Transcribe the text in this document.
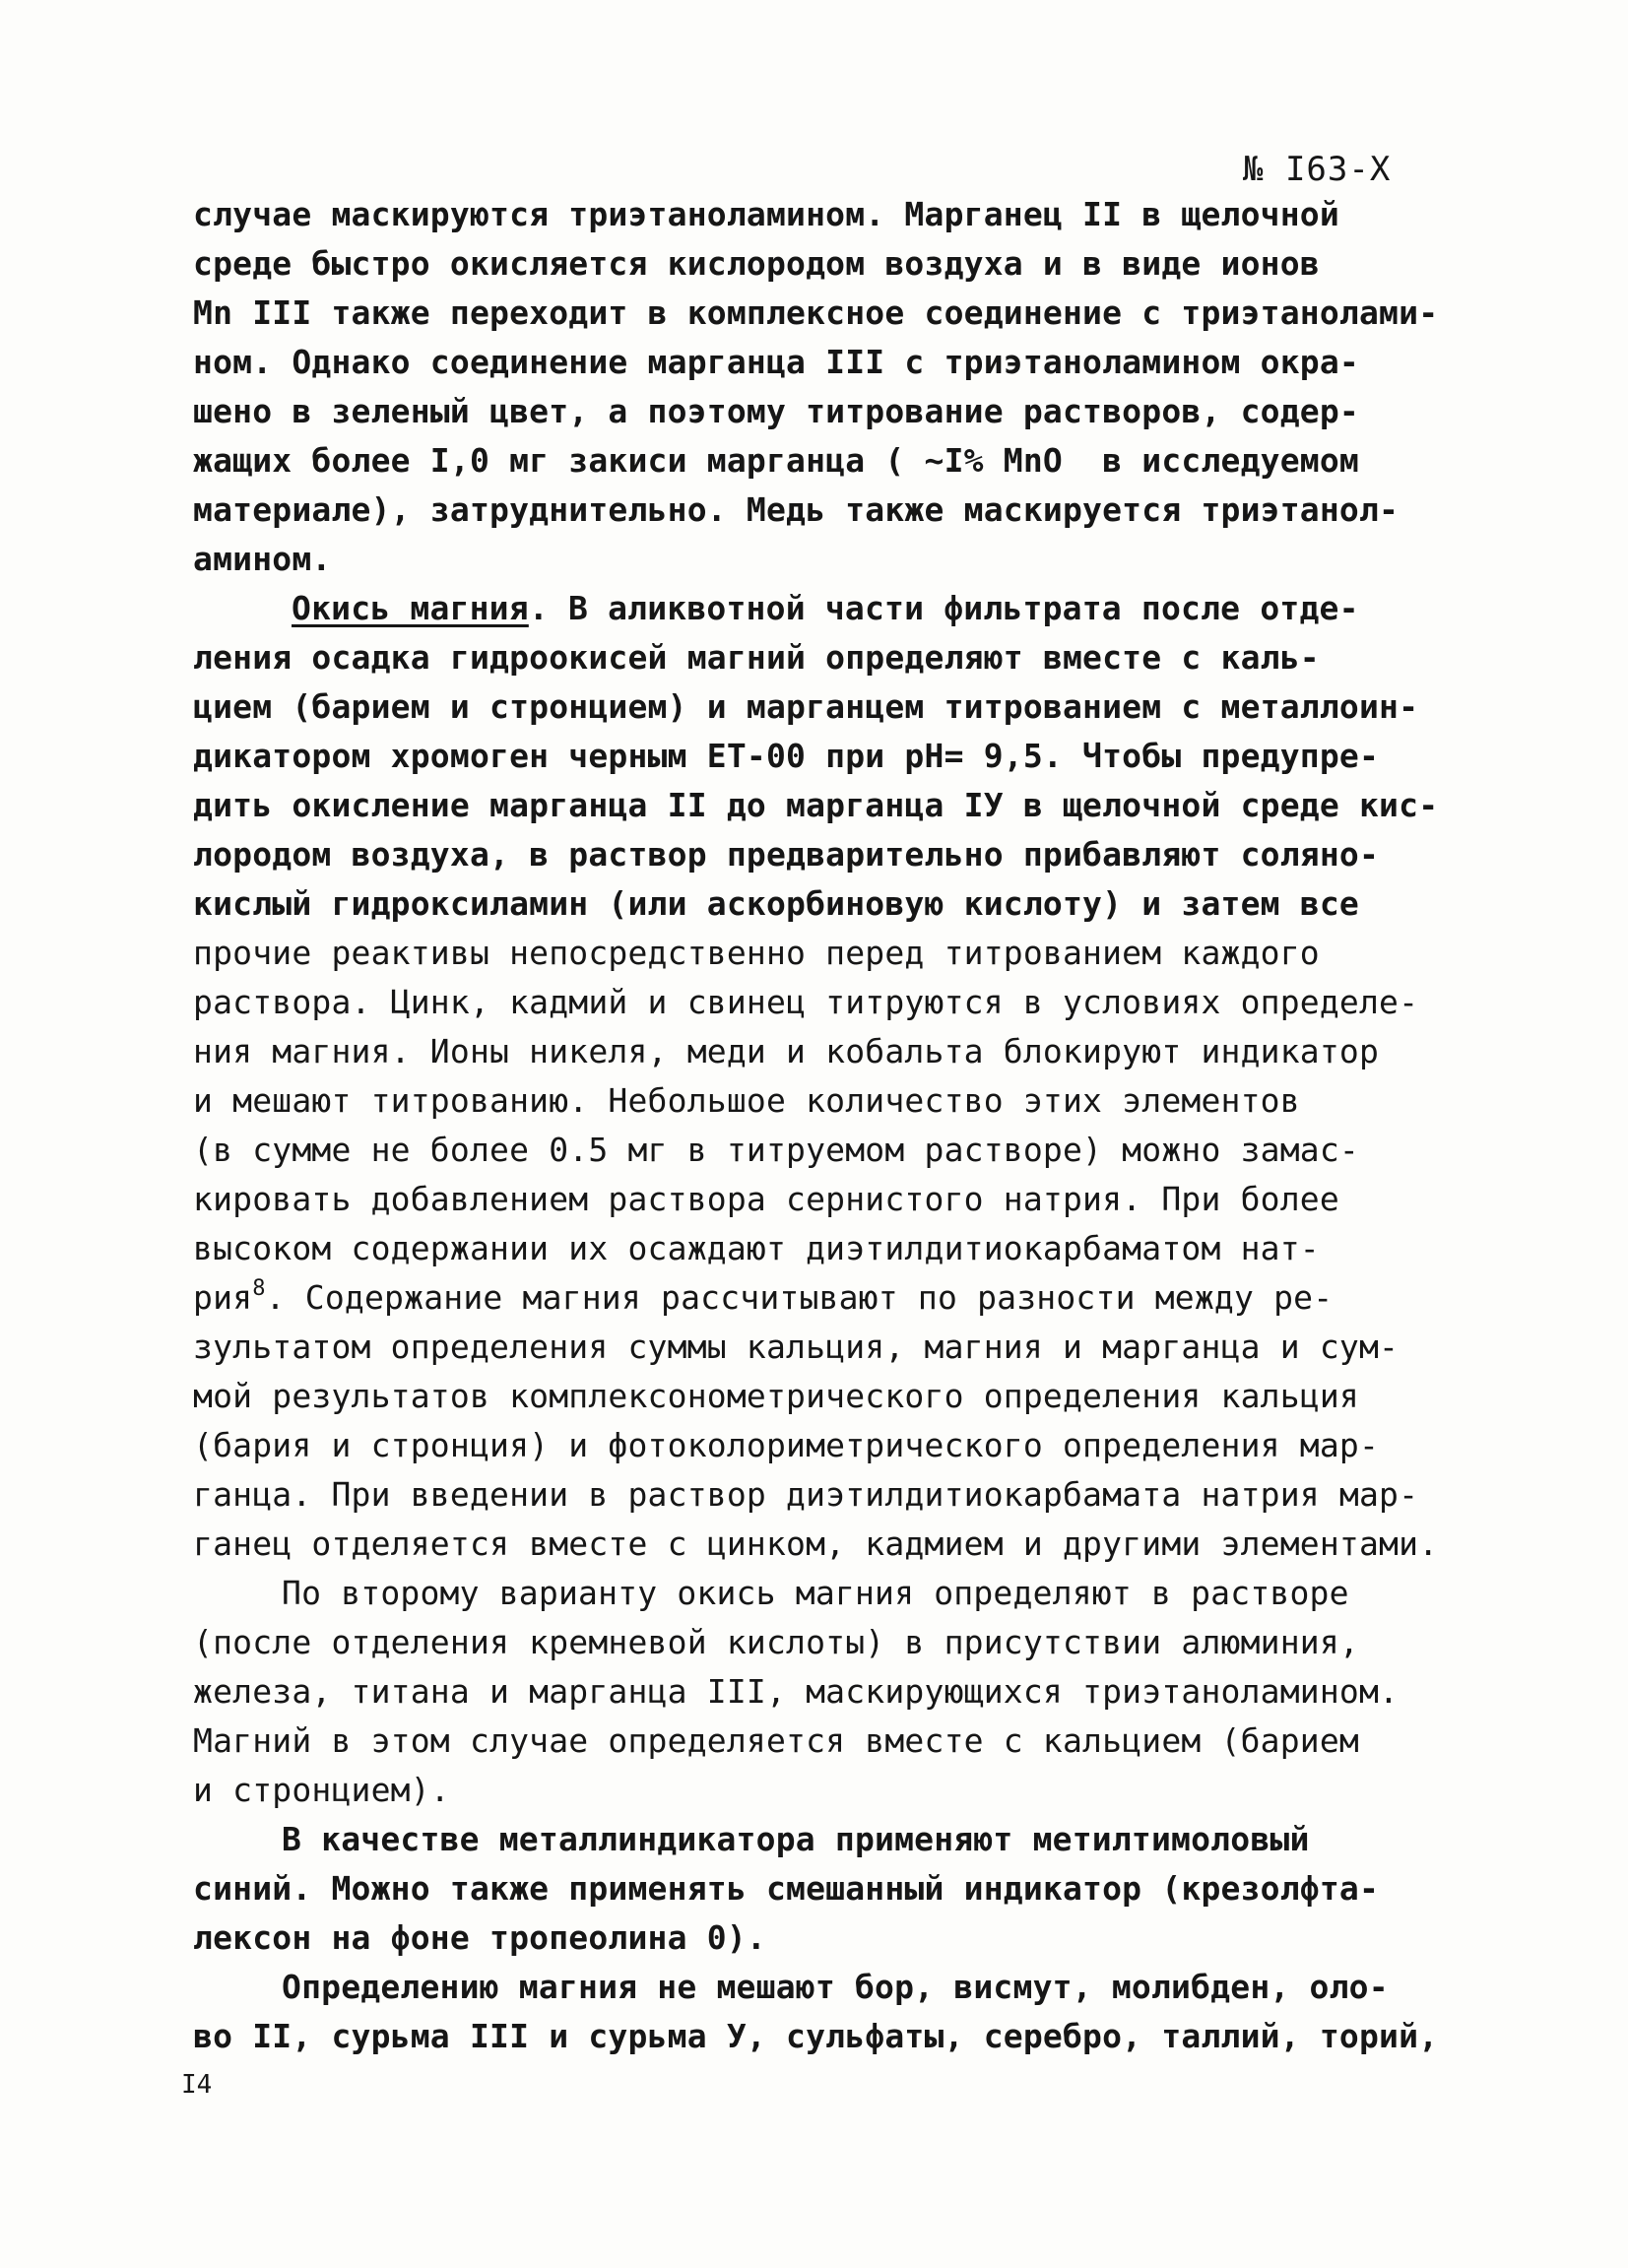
№ I63-Х
случае маскируются триэтаноламином. Марганец II в щелочной
среде быстро окисляется кислородом воздуха и в виде ионов
Mn III также переходит в комплексное соединение с триэтанолами-
ном. Однако соединение марганца III с триэтаноламином окра-
шено в зеленый цвет, а поэтому титрование растворов, содер-
жащих более I,0 мг закиси марганца ( ~I% MnO  в исследуемом
материале), затруднительно. Медь также маскируется триэтанол-
амином.
Окись магния. В аликвотной части фильтрата после отде-
ления осадка гидроокисей магний определяют вместе с каль-
цием (барием и стронцием) и марганцем титрованием с металлоин-
дикатором хромоген черным ЕТ-00 при pH= 9,5. Чтобы предупре-
дить окисление марганца II до марганца IУ в щелочной среде кис-
лородом воздуха, в раствор предварительно прибавляют соляно-
кислый гидроксиламин (или аскорбиновую кислоту) и затем все
прочие реактивы непосредственно перед титрованием каждого
раствора. Цинк, кадмий и свинец титруются в условиях определе-
ния магния. Ионы никеля, меди и кобальта блокируют индикатор
и мешают титрованию. Небольшое количество этих элементов
(в сумме не более 0.5 мг в титруемом растворе) можно замас-
кировать добавлением раствора сернистого натрия. При более
высоком содержании их осаждают диэтилдитиокарбаматом нат-
рия$^8$. Содержание магния рассчитывают по разности между ре-
зультатом определения суммы кальция, магния и марганца и сум-
мой результатов комплексонометрического определения кальция
(бария и стронция) и фотоколориметрического определения мар-
ганца. При введении в раствор диэтилдитиокарбамата натрия мар-
ганец отделяется вместе с цинком, кадмием и другими элементами.
По второму варианту окись магния определяют в растворе
(после отделения кремневой кислоты) в присутствии алюминия,
железа, титана и марганца III, маскирующихся триэтаноламином.
Магний в этом случае определяется вместе с кальцием (барием
и стронцием).
В качестве металлиндикатора применяют метилтимоловый
синий. Можно также применять смешанный индикатор (крезолфта-
лексон на фоне тропеолина 0).
Определению магния не мешают бор, висмут, молибден, оло-
во II, сурьма III и сурьма У, сульфаты, серебро, таллий, торий,
I4
